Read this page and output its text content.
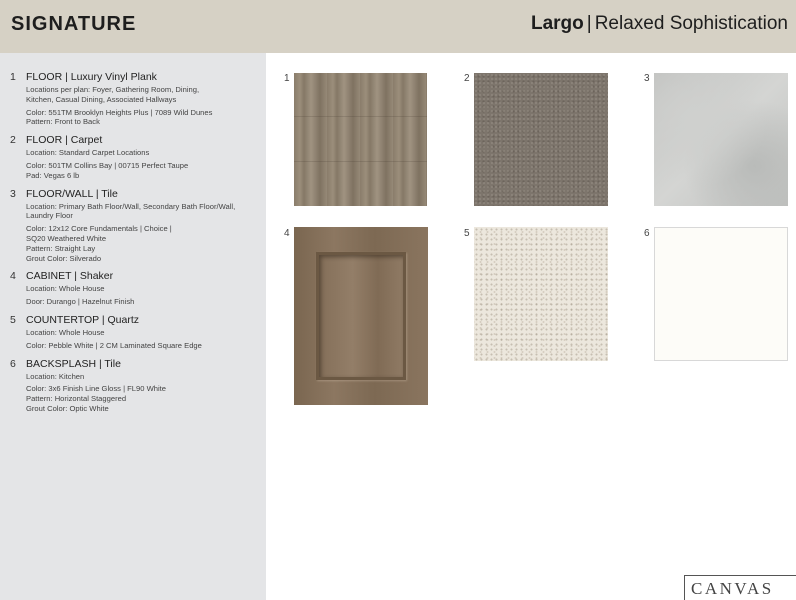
SIGNATURE	Largo | Relaxed Sophistication
1 FLOOR | Luxury Vinyl Plank
Locations per plan: Foyer, Gathering Room, Dining,
Kitchen, Casual Dining, Associated Hallways
Color: 551TM Brooklyn Heights Plus | 7089 Wild Dunes
Pattern: Front to Back
2 FLOOR | Carpet
Location: Standard Carpet Locations
Color: 501TM Collins Bay | 00715 Perfect Taupe
Pad: Vegas 6 lb
3 FLOOR/WALL | Tile
Location: Primary Bath Floor/Wall, Secondary Bath Floor/Wall,
Laundry Floor
Color: 12x12 Core Fundamentals | Choice |
SQ20 Weathered White
Pattern: Straight Lay
Grout Color: Silverado
4 CABINET | Shaker
Location: Whole House
Door: Durango | Hazelnut Finish
5 COUNTERTOP | Quartz
Location: Whole House
Color: Pebble White | 2 CM Laminated Square Edge
6 BACKSPLASH | Tile
Location: Kitchen
Color: 3x6 Finish Line Gloss | FL90 White
Pattern: Horizontal Staggered
Grout Color: Optic White
1	2	3
4	5	6
CANVAS
